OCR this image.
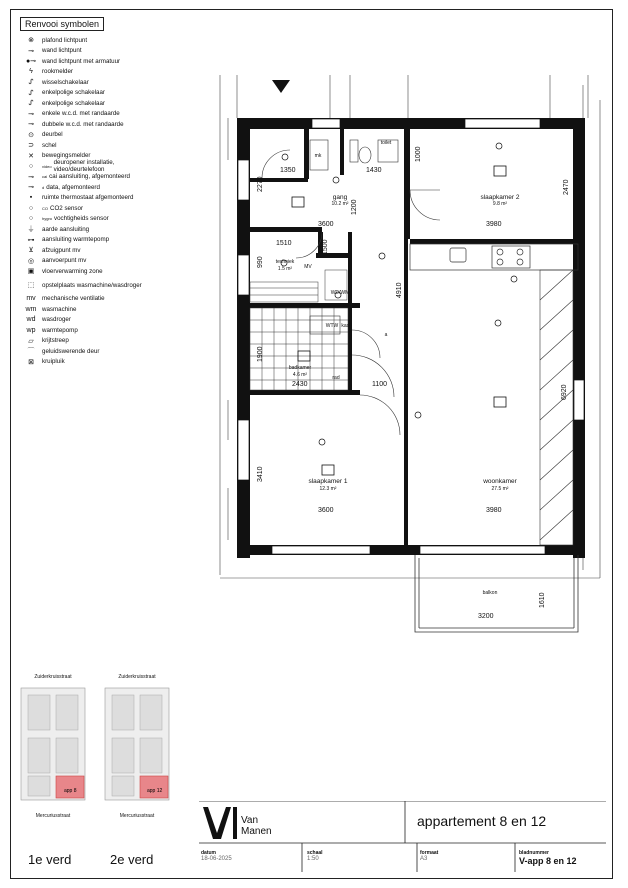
Renvooi symbolen
⊗	plafond lichtpunt
⊸	wand lichtpunt
●⊸ wand lichtpunt met armatuur
ϟ	rookmelder
ᔑ	wisselschakelaar
ᔑ	enkelpolige schakelaar
ᔑ	enkelpolige schakelaar
⊸	enkele w.c.d. met randaarde
⊸	dubbele w.c.d. met randaarde
⊙	deurbel
⊃	schel
✕	bewegingsmelder
○	video deuropener installatie, video/deurtelefoon
⊸	cai cai aansluiting, afgemonteerd
⊸	d data, afgemonteerd
▪	ruimte thermostaat afgemonteerd
○	CO CO2 sensor
○	hygro vochtigheids sensor
⏚	aarde aansluiting
⊶	aansluiting warmtepomp
⊻	afzuigpunt mv
◎	aanvoerpunt mv
▣	vloerverwarming zone
⬚	opstelplaats wasmachine/wasdroger
mv	mechanische ventilatie
wm wasmachine
wd	wasdroger
wp	warmtepomp
▱	krijtstreep
⌒	geluidswerende deur
⊠	kruipluik
gang
10.2 m²
slaapkamer 2
9.8 m²
techniek
1.5 m²
badkamer
4.6 m²
slaapkamer 1
12.3 m²
woonkamer
27.5 m²
balkon
mk
toilet
WD/WM
WTW
rad
MV
a
kast
1350	1430
1000
2270
1200
2470
3600	3980
1510
990
1500
4910
1900
2430	1100	6920
3410
3600	3980
1610
3200
Zuiderkruisstraat
app 8
Mercuriusstraat
Zuiderkruisstraat
app 12
Mercuriusstraat
1e verd	2e verd
Van
Manen
appartement 8 en 12
datum
18-06-2025
schaal
1:50
formaat
A3
bladnummer
V-app 8 en 12
